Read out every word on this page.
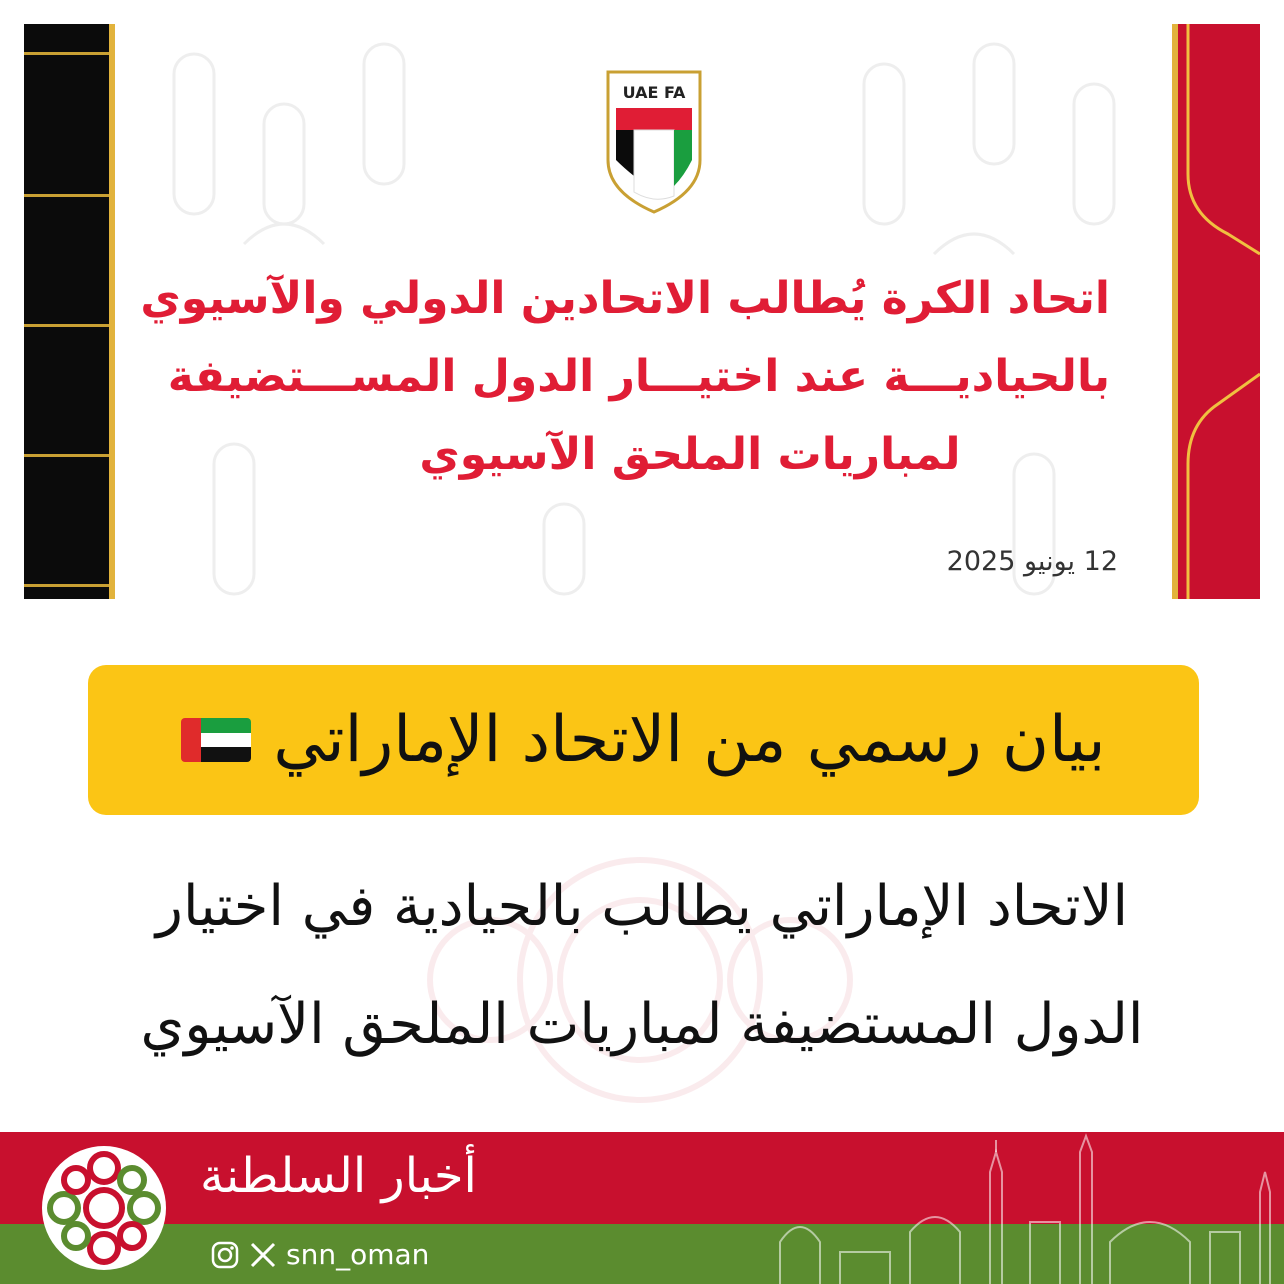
UAE FA
اتحاد الكرة يُطالب الاتحادين الدولي والآسيوي
بالحياديـــة عند اختيـــار الدول المســـتضيفة
لمباريات الملحق الآسيوي
12 يونيو 2025
بيان رسمي من الاتحاد الإماراتي
الاتحاد الإماراتي يطالب بالحيادية في اختيار
الدول المستضيفة لمباريات الملحق الآسيوي
أخبار السلطنة
snn_oman
